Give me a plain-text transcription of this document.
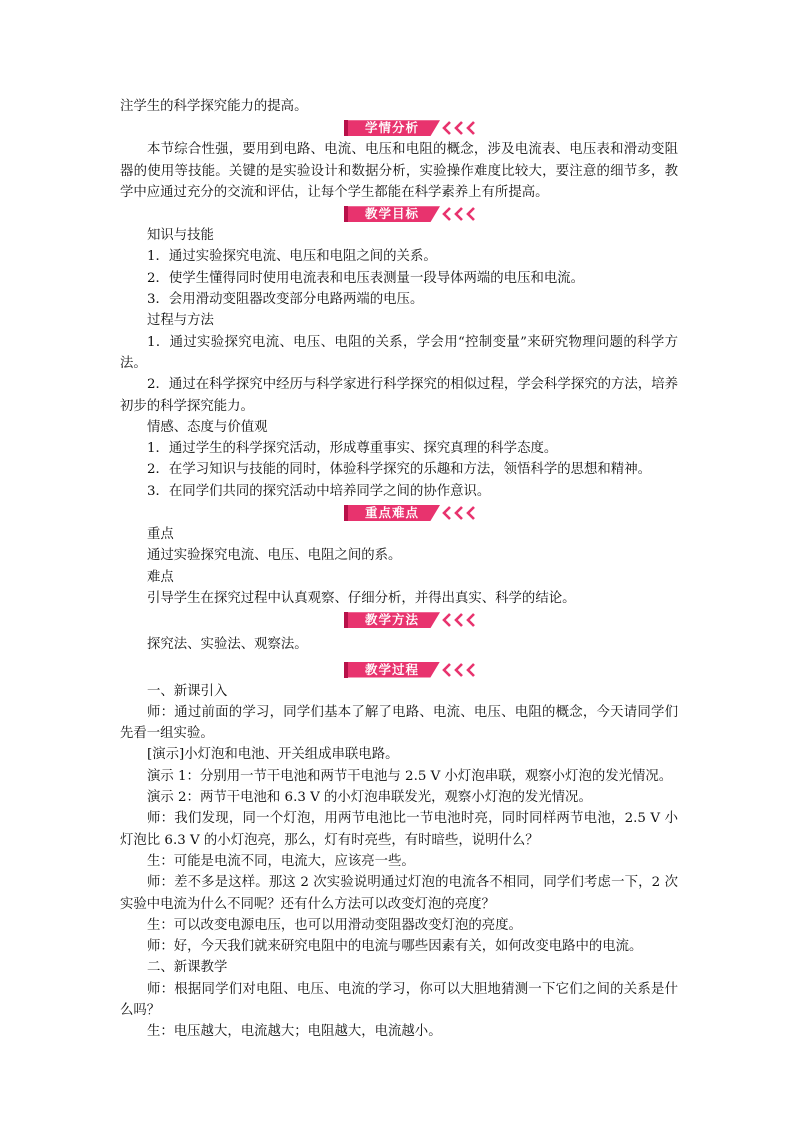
注学生的科学探究能力的提高。

学情分析

本节综合性强，要用到电路、电流、电压和电阻的概念，涉及电流表、电压表和滑动变阻器的使用等技能。关键的是实验设计和数据分析，实验操作难度比较大，要注意的细节多，教学中应通过充分的交流和评估，让每个学生都能在科学素养上有所提高。

教学目标

知识与技能

1．通过实验探究电流、电压和电阻之间的关系。

2．使学生懂得同时使用电流表和电压表测量一段导体两端的电压和电流。

3．会用滑动变阻器改变部分电路两端的电压。

过程与方法

1．通过实验探究电流、电压、电阻的关系，学会用“控制变量”来研究物理问题的科学方法。

2．通过在科学探究中经历与科学家进行科学探究的相似过程，学会科学探究的方法，培养初步的科学探究能力。

情感、态度与价值观

1．通过学生的科学探究活动，形成尊重事实、探究真理的科学态度。

2．在学习知识与技能的同时，体验科学探究的乐趣和方法，领悟科学的思想和精神。

3．在同学们共同的探究活动中培养同学之间的协作意识。

重点难点

重点

通过实验探究电流、电压、电阻之间的系。

难点

引导学生在探究过程中认真观察、仔细分析，并得出真实、科学的结论。

教学方法

探究法、实验法、观察法。

教学过程

一、新课引入

师：通过前面的学习，同学们基本了解了电路、电流、电压、电阻的概念，今天请同学们先看一组实验。

[演示]小灯泡和电池、开关组成串联电路。

演示 1：分别用一节干电池和两节干电池与 2.5 V 小灯泡串联，观察小灯泡的发光情况。

演示 2：两节干电池和 6.3 V 的小灯泡串联发光，观察小灯泡的发光情况。

师：我们发现，同一个灯泡，用两节电池比一节电池时亮，同时同样两节电池，2.5 V 小灯泡比 6.3 V 的小灯泡亮，那么，灯有时亮些，有时暗些，说明什么？

生：可能是电流不同，电流大，应该亮一些。

师：差不多是这样。那这 2 次实验说明通过灯泡的电流各不相同，同学们考虑一下，2 次实验中电流为什么不同呢？还有什么方法可以改变灯泡的亮度？

生：可以改变电源电压，也可以用滑动变阻器改变灯泡的亮度。

师：好，今天我们就来研究电阻中的电流与哪些因素有关，如何改变电路中的电流。

二、新课教学

师：根据同学们对电阻、电压、电流的学习，你可以大胆地猜测一下它们之间的关系是什么吗？

生：电压越大，电流越大；电阻越大，电流越小。
